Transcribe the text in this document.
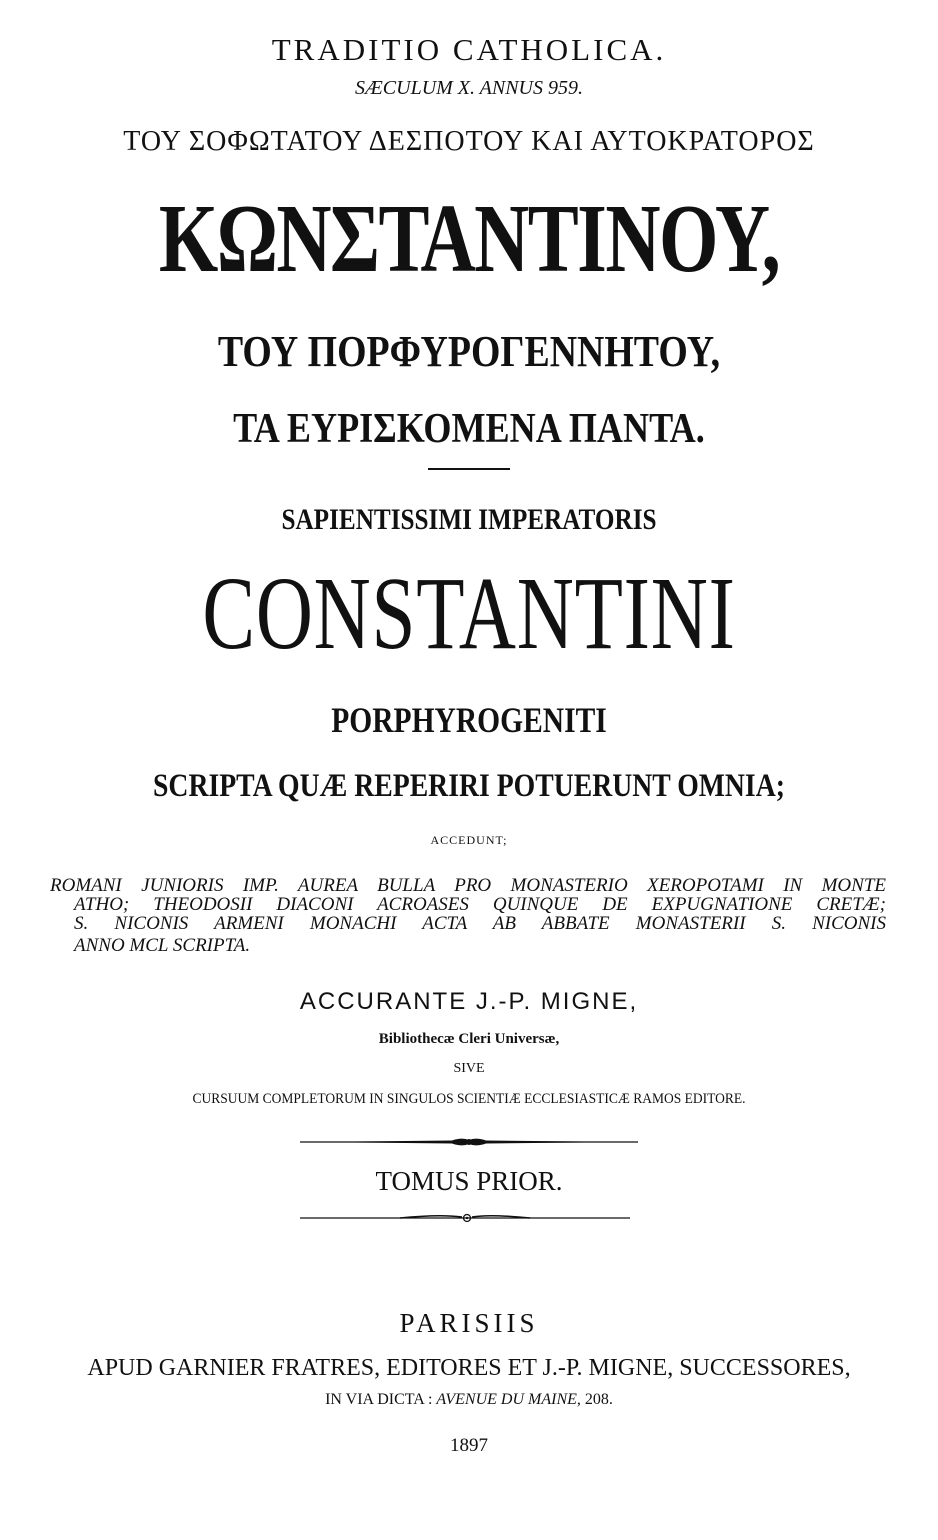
TRADITIO CATHOLICA.
SÆCULUM X. ANNUS 959.
ΤΟΥ ΣΟΦΩΤΑΤΟΥ ΔΕΣΠΟΤΟΥ ΚΑΙ ΑΥΤΟΚΡΑΤΟΡΟΣ
ΚΩΝΣΤΑΝΤΙΝΟΥ,
ΤΟΥ ΠΟΡΦΥΡΟΓΕΝΝΗΤΟΥ,
ΤΑ ΕΥΡΙΣΚΟΜΕΝΑ ΠΑΝΤΑ.
SAPIENTISSIMI IMPERATORIS
CONSTANTINI
PORPHYROGENITI
SCRIPTA QUÆ REPERIRI POTUERUNT OMNIA;
ACCEDUNT;
ROMANI JUNIORIS IMP. AUREA BULLA PRO MONASTERIO XEROPOTAMI IN MONTE
ATHO; THEODOSII DIACONI ACROASES QUINQUE DE EXPUGNATIONE CRETÆ;
S. NICONIS ARMENI MONACHI ACTA AB ABBATE MONASTERII S. NICONIS
ANNO MCL SCRIPTA.
ACCURANTE J.-P. MIGNE,
Bibliothecæ Cleri Universæ,
SIVE
CURSUUM COMPLETORUM IN SINGULOS SCIENTIÆ ECCLESIASTICÆ RAMOS EDITORE.
TOMUS PRIOR.
PARISIIS
APUD GARNIER FRATRES, EDITORES ET J.-P. MIGNE, SUCCESSORES,
IN VIA DICTA : AVENUE DU MAINE, 208.
1897
